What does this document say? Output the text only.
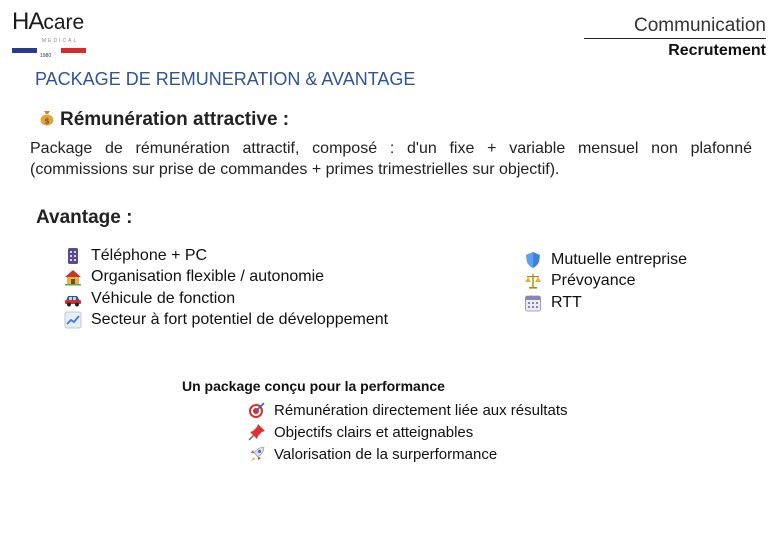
HAcare
MEDICAL
1980
Communication
Recrutement
PACKAGE DE REMUNERATION & AVANTAGE
$ Rémunération attractive :
Package de rémunération attractif, composé : d'un fixe + variable mensuel non plafonné (commissions sur prise de commandes + primes trimestrielles sur objectif).
Avantage :
Téléphone + PC
Organisation flexible / autonomie
Véhicule de fonction
Secteur à fort potentiel de développement
Mutuelle entreprise
Prévoyance
RTT
Un package conçu pour la performance
Rémunération directement liée aux résultats
Objectifs clairs et atteignables
Valorisation de la surperformance
